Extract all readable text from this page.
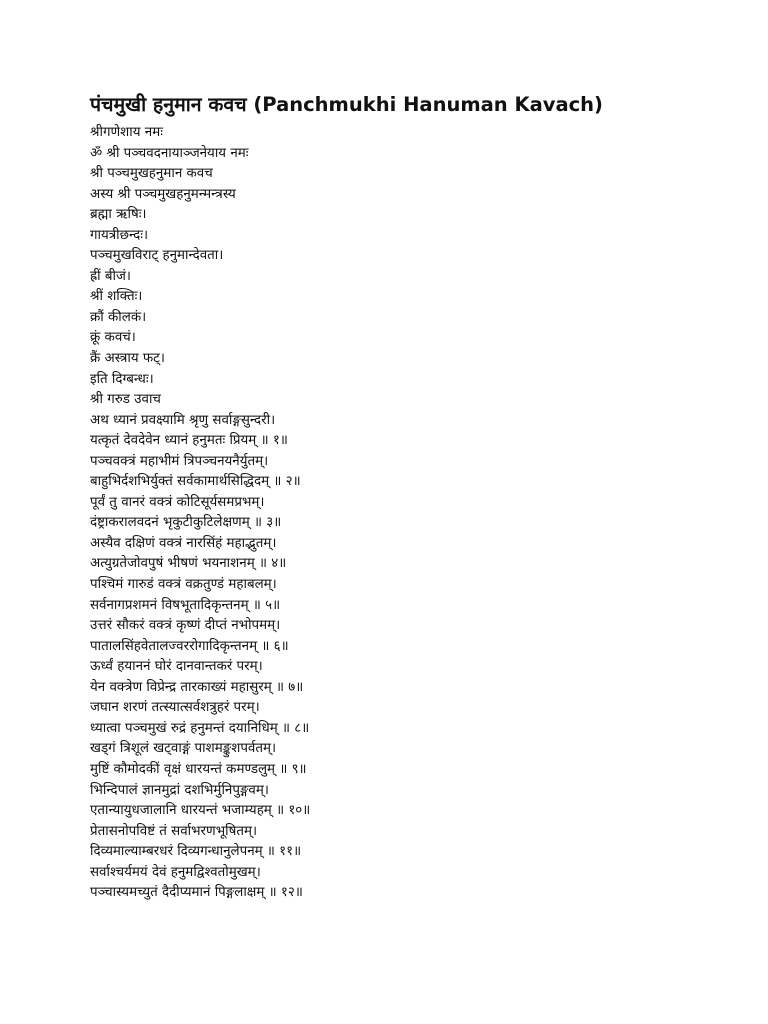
पंचमुखी हनुमान कवच (Panchmukhi Hanuman Kavach)
श्रीगणेशाय नमः
ॐ श्री पञ्चवदनायाञ्जनेयाय नमः
श्री पञ्चमुखहनुमान कवच
अस्य श्री पञ्चमुखहनुमन्मन्त्रस्य
ब्रह्मा ऋषिः।
गायत्रीछन्दः।
पञ्चमुखविराट् हनुमान्देवता।
ह्रीं बीजं।
श्रीं शक्तिः।
क्रौं कीलकं।
क्रूं कवचं।
क्रैं अस्त्राय फट्।
इति दिग्बन्धः।
श्री गरुड उवाच
अथ ध्यानं प्रवक्ष्यामि श्रृणु सर्वाङ्गसुन्दरी।
यत्कृतं देवदेवेन ध्यानं हनुमतः प्रियम् ॥ १॥
पञ्चवक्त्रं महाभीमं त्रिपञ्चनयनैर्युतम्।
बाहुभिर्दशभिर्युक्तं सर्वकामार्थसिद्धिदम् ॥ २॥
पूर्वं तु वानरं वक्त्रं कोटिसूर्यसमप्रभम्।
दंष्ट्राकरालवदनं भृकुटीकुटिलेक्षणम् ॥ ३॥
अस्यैव दक्षिणं वक्त्रं नारसिंहं महाद्भुतम्।
अत्युग्रतेजोवपुषं भीषणं भयनाशनम् ॥ ४॥
पश्चिमं गारुडं वक्त्रं वक्रतुण्डं महाबलम्।
सर्वनागप्रशमनं विषभूतादिकृन्तनम् ॥ ५॥
उत्तरं सौकरं वक्त्रं कृष्णं दीप्तं नभोपमम्।
पातालसिंहवेतालज्वररोगादिकृन्तनम् ॥ ६॥
ऊर्ध्वं हयाननं घोरं दानवान्तकरं परम्।
येन वक्त्रेण विप्रेन्द्र तारकाख्यं महासुरम् ॥ ७॥
जघान शरणं तत्स्यात्सर्वशत्रुहरं परम्।
ध्यात्वा पञ्चमुखं रुद्रं हनुमन्तं दयानिधिम् ॥ ८॥
खड्गं त्रिशूलं खट्वाङ्गं पाशमङ्कुशपर्वतम्।
मुष्टिं कौमोदकीं वृक्षं धारयन्तं कमण्डलुम् ॥ ९॥
भिन्दिपालं ज्ञानमुद्रां दशभिर्मुनिपुङ्गवम्।
एतान्यायुधजालानि धारयन्तं भजाम्यहम् ॥ १०॥
प्रेतासनोपविष्टं तं सर्वाभरणभूषितम्।
दिव्यमाल्याम्बरधरं दिव्यगन्धानुलेपनम् ॥ ११॥
सर्वाश्चर्यमयं देवं हनुमद्विश्वतोमुखम्।
पञ्चास्यमच्युतं दैदीप्यमानं पिङ्गलाक्षम् ॥ १२॥
